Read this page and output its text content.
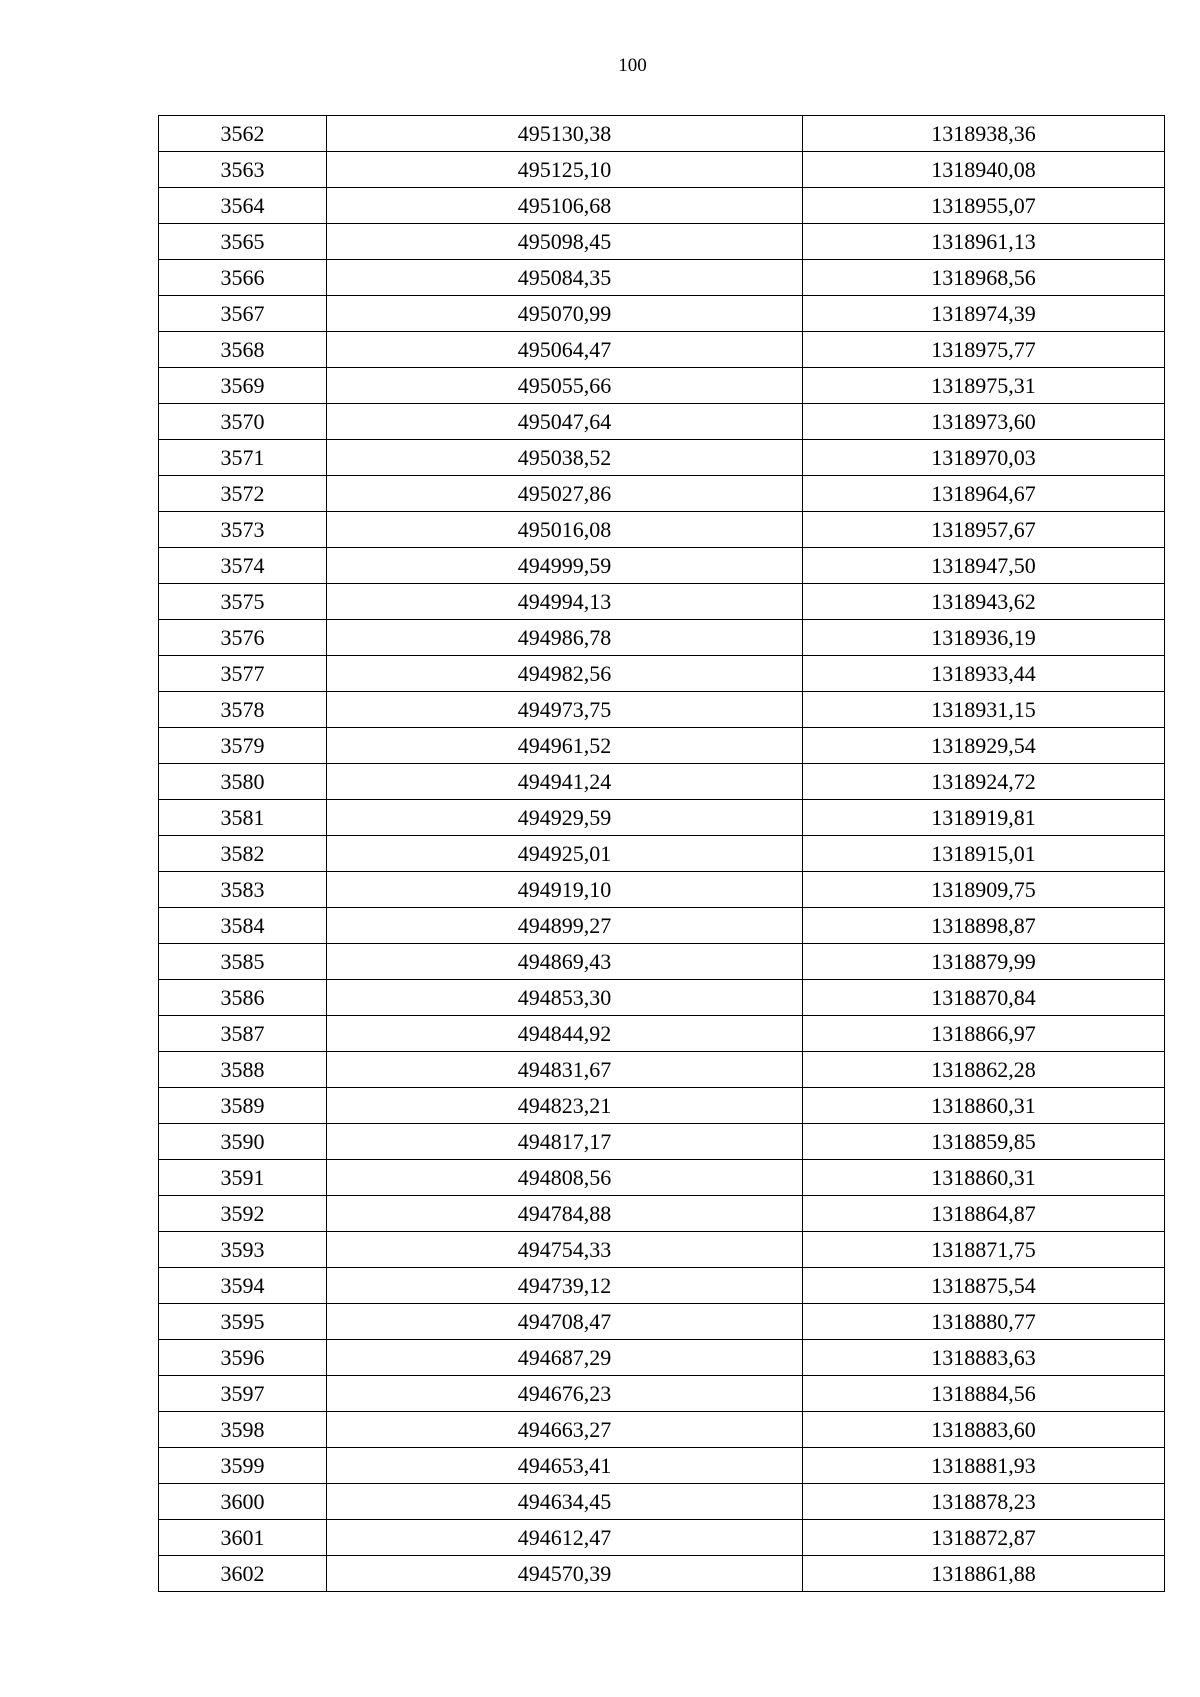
100
3562	495130,38	1318938,36
3563	495125,10	1318940,08
3564	495106,68	1318955,07
3565	495098,45	1318961,13
3566	495084,35	1318968,56
3567	495070,99	1318974,39
3568	495064,47	1318975,77
3569	495055,66	1318975,31
3570	495047,64	1318973,60
3571	495038,52	1318970,03
3572	495027,86	1318964,67
3573	495016,08	1318957,67
3574	494999,59	1318947,50
3575	494994,13	1318943,62
3576	494986,78	1318936,19
3577	494982,56	1318933,44
3578	494973,75	1318931,15
3579	494961,52	1318929,54
3580	494941,24	1318924,72
3581	494929,59	1318919,81
3582	494925,01	1318915,01
3583	494919,10	1318909,75
3584	494899,27	1318898,87
3585	494869,43	1318879,99
3586	494853,30	1318870,84
3587	494844,92	1318866,97
3588	494831,67	1318862,28
3589	494823,21	1318860,31
3590	494817,17	1318859,85
3591	494808,56	1318860,31
3592	494784,88	1318864,87
3593	494754,33	1318871,75
3594	494739,12	1318875,54
3595	494708,47	1318880,77
3596	494687,29	1318883,63
3597	494676,23	1318884,56
3598	494663,27	1318883,60
3599	494653,41	1318881,93
3600	494634,45	1318878,23
3601	494612,47	1318872,87
3602	494570,39	1318861,88
